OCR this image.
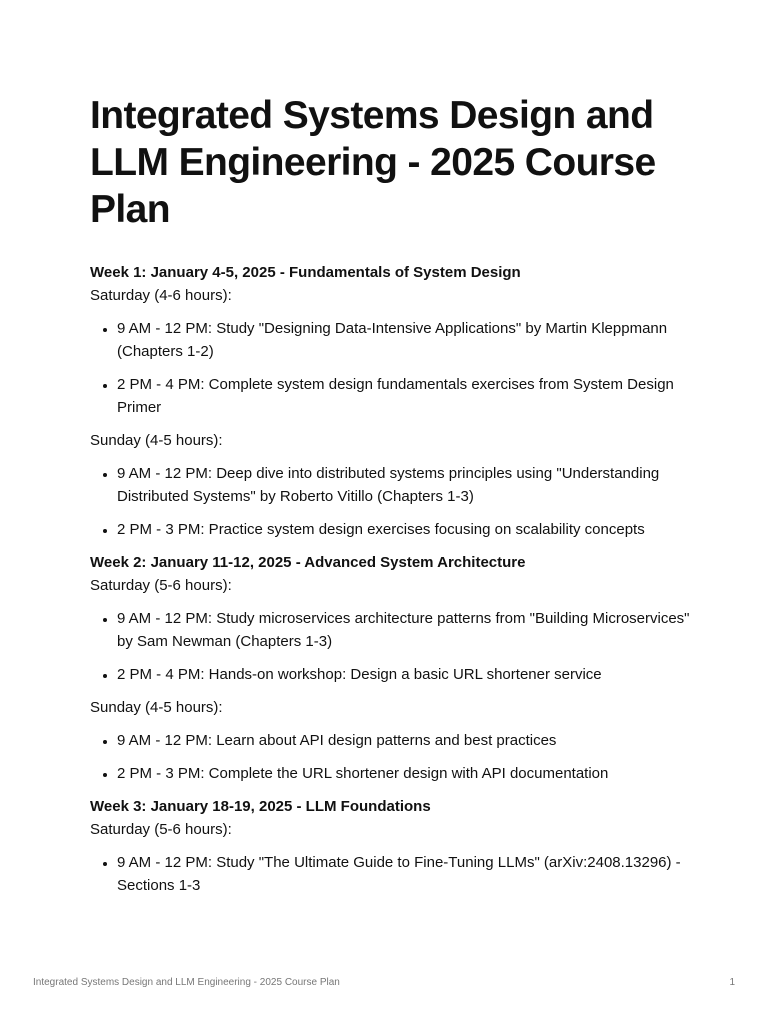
Integrated Systems Design and LLM Engineering - 2025 Course Plan

Week 1: January 4-5, 2025 - Fundamentals of System Design

Saturday (4-6 hours):

• 9 AM - 12 PM: Study "Designing Data-Intensive Applications" by Martin Kleppmann (Chapters 1-2)
• 2 PM - 4 PM: Complete system design fundamentals exercises from System Design Primer

Sunday (4-5 hours):

• 9 AM - 12 PM: Deep dive into distributed systems principles using "Understanding Distributed Systems" by Roberto Vitillo (Chapters 1-3)
• 2 PM - 3 PM: Practice system design exercises focusing on scalability concepts

Week 2: January 11-12, 2025 - Advanced System Architecture

Saturday (5-6 hours):

• 9 AM - 12 PM: Study microservices architecture patterns from "Building Microservices" by Sam Newman (Chapters 1-3)
• 2 PM - 4 PM: Hands-on workshop: Design a basic URL shortener service

Sunday (4-5 hours):

• 9 AM - 12 PM: Learn about API design patterns and best practices
• 2 PM - 3 PM: Complete the URL shortener design with API documentation

Week 3: January 18-19, 2025 - LLM Foundations

Saturday (5-6 hours):

• 9 AM - 12 PM: Study "The Ultimate Guide to Fine-Tuning LLMs" (arXiv:2408.13296) - Sections 1-3
Integrated Systems Design and LLM Engineering - 2025 Course Plan	1
